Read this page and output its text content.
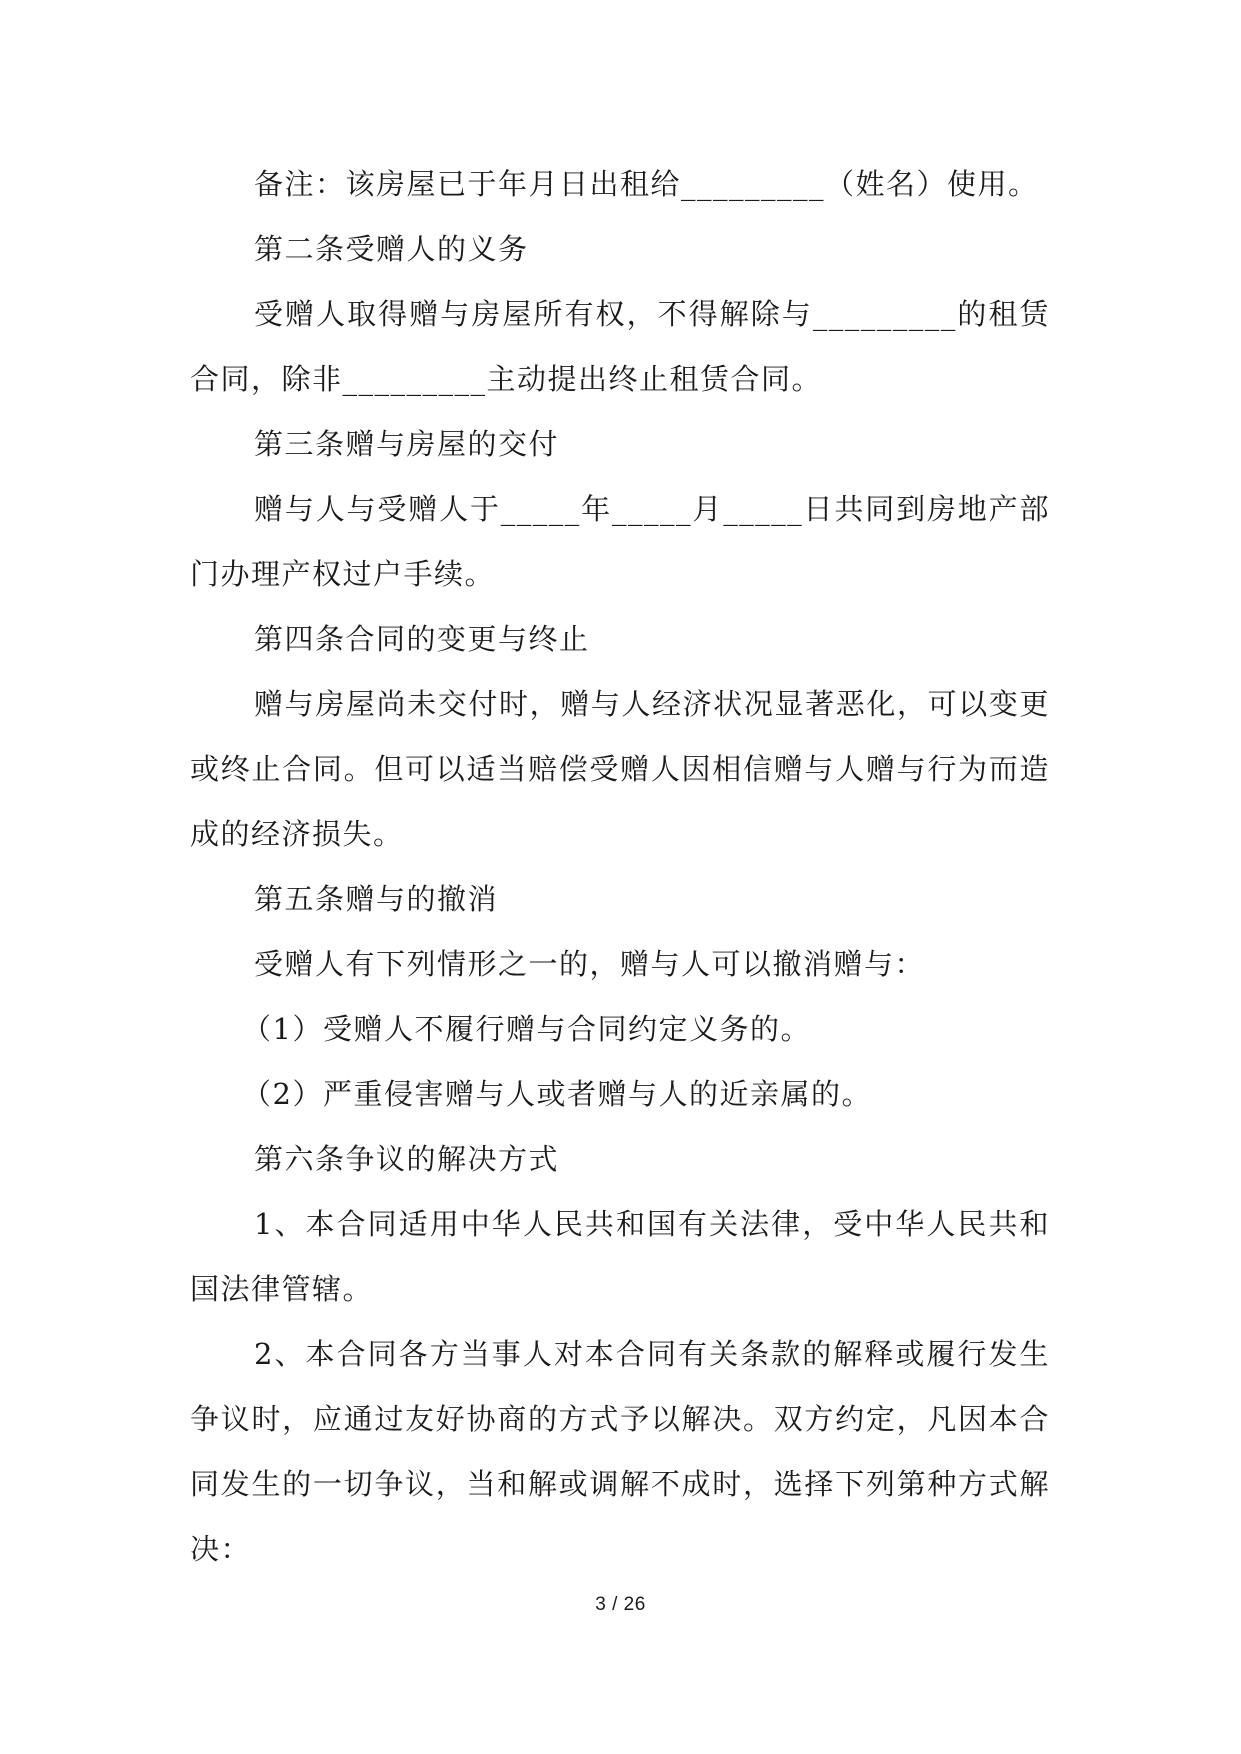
备注：该房屋已于年月日出租给_________（姓名）使用。

第二条受赠人的义务

受赠人取得赠与房屋所有权，不得解除与_________的租赁合同，除非_________主动提出终止租赁合同。

第三条赠与房屋的交付

赠与人与受赠人于_____年_____月_____日共同到房地产部门办理产权过户手续。

第四条合同的变更与终止

赠与房屋尚未交付时，赠与人经济状况显著恶化，可以变更或终止合同。但可以适当赔偿受赠人因相信赠与人赠与行为而造成的经济损失。

第五条赠与的撤消

受赠人有下列情形之一的，赠与人可以撤消赠与：

（1）受赠人不履行赠与合同约定义务的。

（2）严重侵害赠与人或者赠与人的近亲属的。

第六条争议的解决方式

1、本合同适用中华人民共和国有关法律，受中华人民共和国法律管辖。

2、本合同各方当事人对本合同有关条款的解释或履行发生争议时，应通过友好协商的方式予以解决。双方约定，凡因本合同发生的一切争议，当和解或调解不成时，选择下列第种方式解决：

3 / 26
